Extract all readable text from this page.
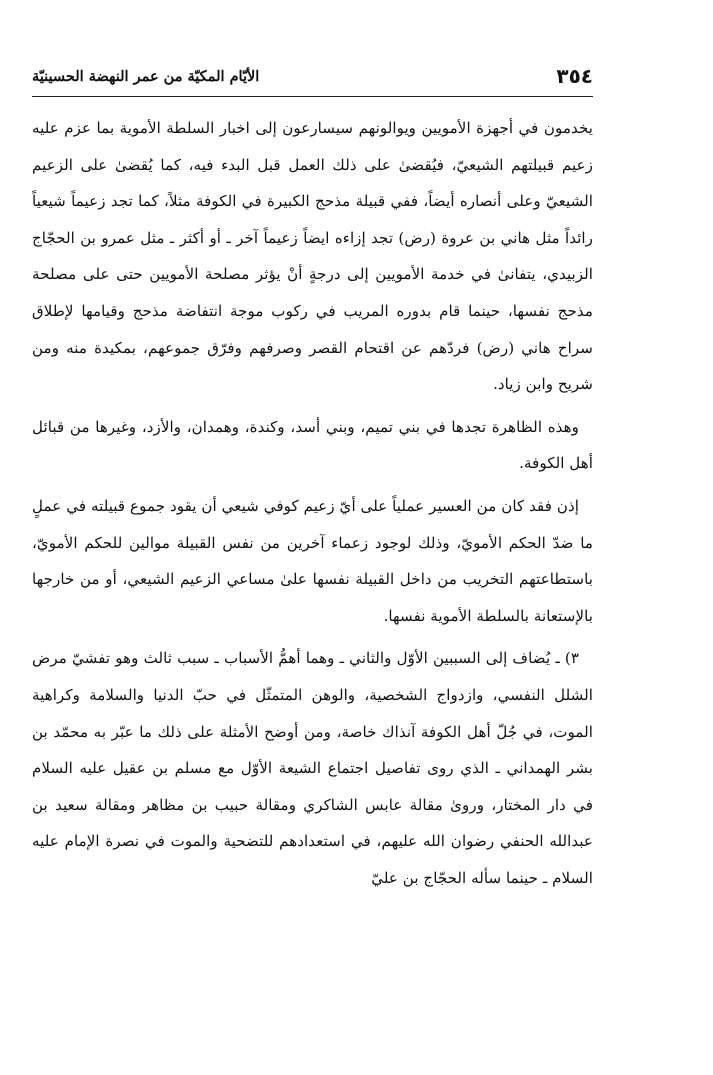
٣٥٤
الأيّام المكيّة من عمر النهضة الحسينيّة

يخدمون في أجهزة الأمويين ويوالونهم سيسارعون إلى اخبار السلطة الأموية بما عزم عليه زعيم قبيلتهم الشيعيّ، فيُقضىٰ على ذلك العمل قبل البدء فيه، كما يُقضىٰ على الزعيم الشيعيّ وعلى أنصاره أيضاً، ففي قبيلة مذحج الكبيرة في الكوفة مثلاً، كما تجد زعيماً شيعياً رائداً مثل هاني بن عروة (رض) تجد إزاءه ايضاً زعيماً آخر ـ أو أكثر ـ مثل عمرو بن الحجّاج الزبيدي، يتفانىٰ في خدمة الأمويين إلى درجةٍ أنْ يؤثر مصلحة الأمويين حتى على مصلحة مذحج نفسها، حينما قام بدوره المريب في ركوب موجة انتفاضة مذحج وقيامها لإطلاق سراح هاني (رض) فردّهم عن اقتحام القصر وصرفهم وفرّق جموعهم، بمكيدة منه ومن شريح وابن زياد.

وهذه الظاهرة تجدها في بني تميم، وبني أسد، وكندة، وهمدان، والأزد، وغيرها من قبائل أهل الكوفة.

إذن فقد كان من العسير عملياً على أيّ زعيم كوفي شيعي أن يقود جموع قبيلته في عملٍ ما ضدّ الحكم الأمويّ، وذلك لوجود زعماء آخرين من نفس القبيلة موالين للحكم الأمويّ، باستطاعتهم التخريب من داخل القبيلة نفسها علىٰ مساعي الزعيم الشيعي، أو من خارجها بالإستعانة بالسلطة الأموية نفسها.

٣) ـ يُضاف إلى السببين الأوّل والثاني ـ وهما أهمُّ الأسباب ـ سبب ثالث وهو تفشيّ مرض الشلل النفسي، وازدواج الشخصية، والوهن المتمثّل في حبّ الدنيا والسلامة وكراهية الموت، في جُلّ أهل الكوفة آنذاك خاصة، ومن أوضح الأمثلة على ذلك ما عبّر به محمّد بن بشر الهمداني ـ الذي روى تفاصيل اجتماع الشيعة الأوّل مع مسلم بن عقيل عليه السلام في دار المختار، وروىٰ مقالة عابس الشاكري ومقالة حبيب بن مظاهر ومقالة سعيد بن عبدالله الحنفي رضوان الله عليهم، في استعدادهم للتضحية والموت في نصرة الإمام عليه السلام ـ حينما سأله الحجّاج بن عليّ
